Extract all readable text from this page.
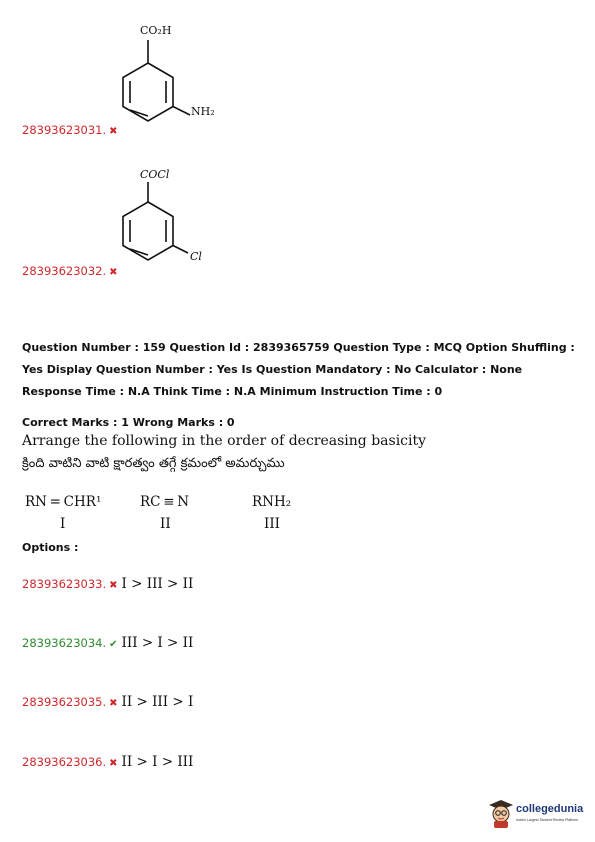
CO₂H
NH₂
28393623031. ✖
COCl
Cl
28393623032. ✖
Question Number : 159 Question Id : 2839365759 Question Type : MCQ Option Shuffling : Yes Display Question Number : Yes Is Question Mandatory : No Calculator : None Response Time : N.A Think Time : N.A Minimum Instruction Time : 0
Correct Marks : 1 Wrong Marks : 0
Arrange the following in the order of decreasing basicity
క్రింది వాటిని వాటి క్షారత్వం తగ్గే క్రమంలో అమర్చుము
RN = CHR¹
I
RC ≡ N
II
RNH₂
III
Options :
28393623033. ✖ I > III > II
28393623034. ✔ III > I > II
28393623035. ✖ II > III > I
28393623036. ✖ II > I > III
collegedunia
India's Largest Student Review Platform
